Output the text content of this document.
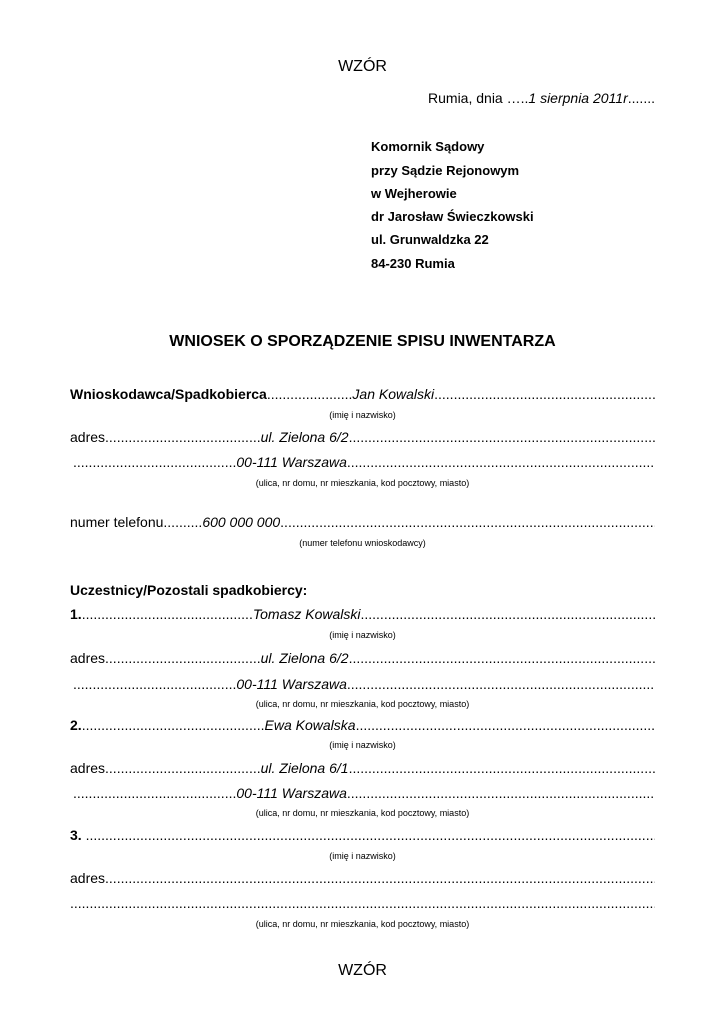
WZÓR
Rumia, dnia …..1 sierpnia 2011r.......
Komornik Sądowy
przy Sądzie Rejonowym
w Wejherowie
dr Jarosław Świeczkowski
ul. Grunwaldzka 22
84-230 Rumia
WNIOSEK O SPORZĄDZENIE SPISU INWENTARZA
Wnioskodawca/Spadkobierca ...................... Jan Kowalski
.....
(imię i nazwisko)
adres ........................................ ul. Zielona 6/2
.....
.......................................... 00-111 Warszawa
.....
(ulica, nr domu, nr mieszkania, kod pocztowy, miasto)
numer telefonu .......... 600 000 000
.....
(numer telefonu wnioskodawcy)
Uczestnicy/Pozostali spadkobiercy:
1. ............................................ Tomasz Kowalski
.....
(imię i nazwisko)
adres ........................................ ul. Zielona 6/2
.....
.......................................... 00-111 Warszawa
.....
(ulica, nr domu, nr mieszkania, kod pocztowy, miasto)
2. ............................................... Ewa Kowalska
.....
(imię i nazwisko)
adres ........................................ ul. Zielona 6/1
.....
.......................................... 00-111 Warszawa
.....
(ulica, nr domu, nr mieszkania, kod pocztowy, miasto)
3.

.....
(imię i nazwisko)
adres
.....
.....
(ulica, nr domu, nr mieszkania, kod pocztowy, miasto)
WZÓR
